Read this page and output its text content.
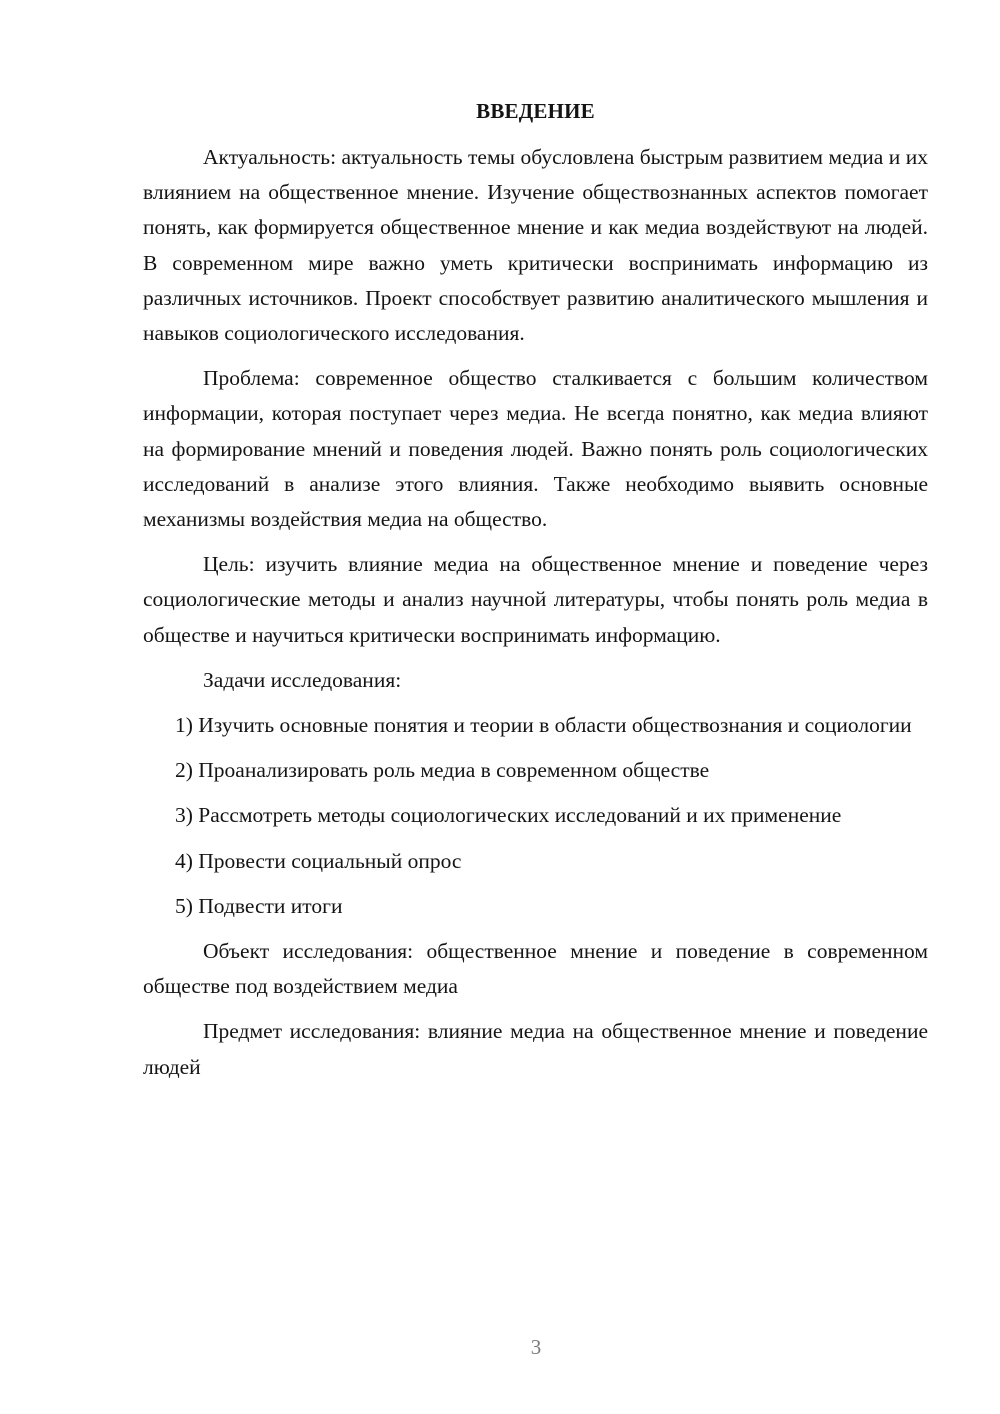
ВВЕДЕНИЕ

Актуальность: актуальность темы обусловлена быстрым развитием медиа и их влиянием на общественное мнение. Изучение обществознанных аспектов помогает понять, как формируется общественное мнение и как медиа воздействуют на людей. В современном мире важно уметь критически воспринимать информацию из различных источников. Проект способствует развитию аналитического мышления и навыков социологического исследования.

Проблема: современное общество сталкивается с большим количеством информации, которая поступает через медиа. Не всегда понятно, как медиа влияют на формирование мнений и поведения людей. Важно понять роль социологических исследований в анализе этого влияния. Также необходимо выявить основные механизмы воздействия медиа на общество.

Цель: изучить влияние медиа на общественное мнение и поведение через социологические методы и анализ научной литературы, чтобы понять роль медиа в обществе и научиться критически воспринимать информацию.

Задачи исследования:

1) Изучить основные понятия и теории в области обществознания и социологии

2) Проанализировать роль медиа в современном обществе

3) Рассмотреть методы социологических исследований и их применение

4) Провести социальный опрос

5) Подвести итоги

Объект исследования: общественное мнение и поведение в современном обществе под воздействием медиа

Предмет исследования: влияние медиа на общественное мнение и поведение людей

3
